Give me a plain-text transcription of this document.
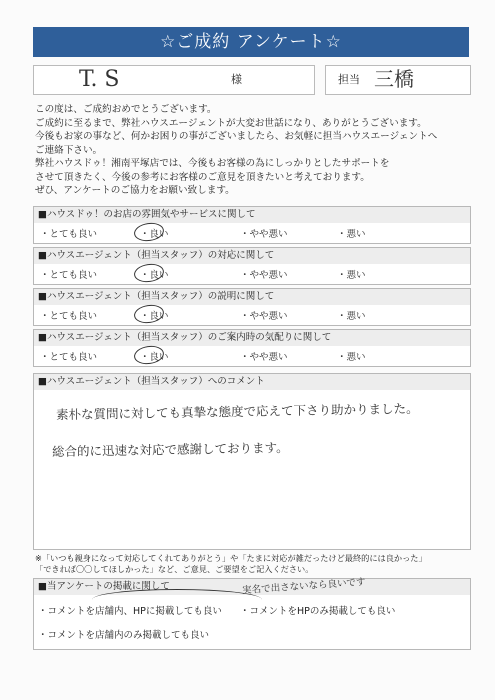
☆ご成約 アンケート☆
T. S	様	担当 三橋
この度は、ご成約おめでとうございます。
ご成約に至るまで、弊社ハウスエージェントが大変お世話になり、ありがとうございます。
今後もお家の事など、何かお困りの事がございましたら、お気軽に担当ハウスエージェントへ
ご連絡下さい。
弊社ハウスドゥ！湘南平塚店では、今後もお客様の為にしっかりとしたサポートを
させて頂きたく、今後の参考にお客様のご意見を頂きたいと考えております。
ぜひ、アンケートのご協力をお願い致します。
■ハウスドゥ！のお店の雰囲気やサービスに関して
・とても良い	・良い	・やや悪い	・悪い
■ハウスエージェント（担当スタッフ）の対応に関して
・とても良い	・良い	・やや悪い	・悪い
■ハウスエージェント（担当スタッフ）の説明に関して
・とても良い	・良い	・やや悪い	・悪い
■ハウスエージェント（担当スタッフ）のご案内時の気配りに関して
・とても良い	・良い	・やや悪い	・悪い
■ハウスエージェント（担当スタッフ）へのコメント
素朴な質問に対しても真摯な態度で応えて下さり助かりました。
総合的に迅速な対応で感謝しております。
※「いつも親身になって対応してくれてありがとう」や「たまに対応が雑だったけど最終的には良かった」
「できれば〇〇してほしかった」など、ご意見、ご要望をご記入ください。
■当アンケートの掲載に関して	実名で出さないなら良いです
・コメントを店舗内、HPに掲載しても良い ・コメントをHPのみ掲載しても良い
・コメントを店舗内のみ掲載しても良い
